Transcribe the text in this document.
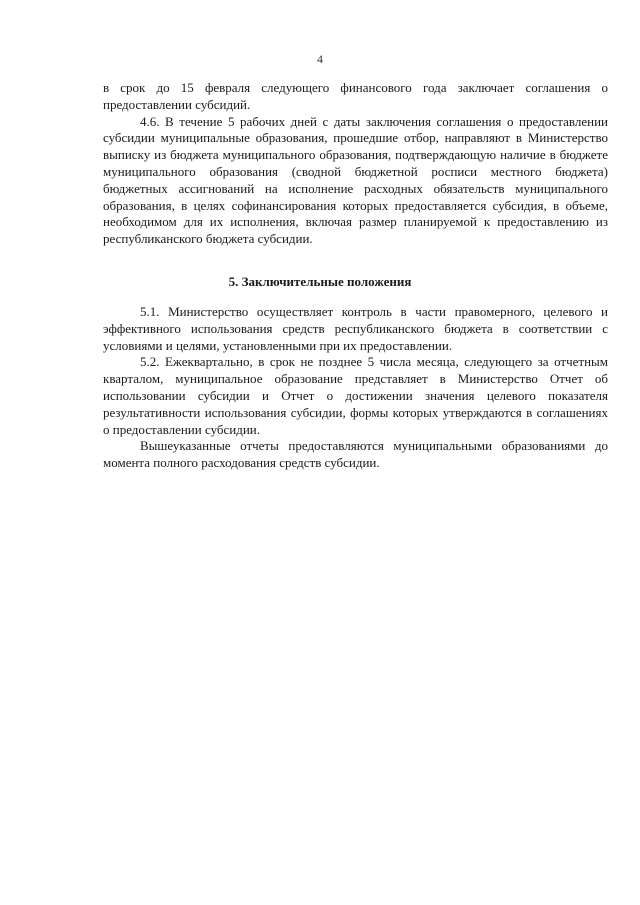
4

в срок до 15 февраля следующего финансового года заключает соглашения о предоставлении субсидий.

4.6. В течение 5 рабочих дней с даты заключения соглашения о предоставлении субсидии муниципальные образования, прошедшие отбор, направляют в Министерство выписку из бюджета муниципального образования, подтверждающую наличие в бюджете муниципального образования (сводной бюджетной росписи местного бюджета) бюджетных ассигнований на исполнение расходных обязательств муниципального образования, в целях софинансирования которых предоставляется субсидия, в объеме, необходимом для их исполнения, включая размер планируемой к предоставлению из республиканского бюджета субсидии.

5. Заключительные положения

5.1. Министерство осуществляет контроль в части правомерного, целевого и эффективного использования средств республиканского бюджета в соответствии с условиями и целями, установленными при их предоставлении.

5.2. Ежеквартально, в срок не позднее 5 числа месяца, следующего за отчетным кварталом, муниципальное образование представляет в Министерство Отчет об использовании субсидии и Отчет о достижении значения целевого показателя результативности использования субсидии, формы которых утверждаются в соглашениях о предоставлении субсидии.

Вышеуказанные отчеты предоставляются муниципальными образованиями до момента полного расходования средств субсидии.
